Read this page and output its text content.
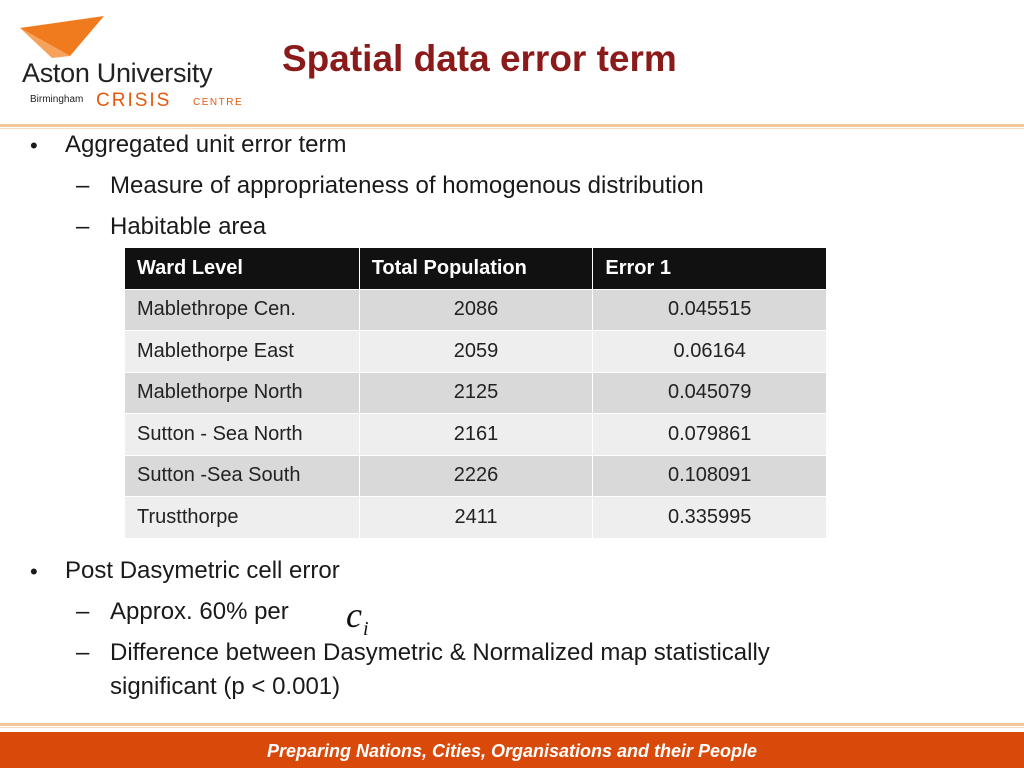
Aston University
Birmingham CRISIS CENTRE
Spatial data error term
• Aggregated unit error term
– Measure of appropriateness of homogenous distribution
– Habitable area
Ward Level	Total Population	Error 1
Mablethrope Cen.	2086	0.045515
Mablethorpe East	2059	0.06164
Mablethorpe North	2125	0.045079
Sutton - Sea North	2161	0.079861
Sutton -Sea South	2226	0.108091
Trustthorpe	2411	0.335995
• Post Dasymetric cell error
– Approx. 60% per ci
– Difference between Dasymetric & Normalized map statistically
significant (p < 0.001)
Preparing Nations, Cities, Organisations and their People
